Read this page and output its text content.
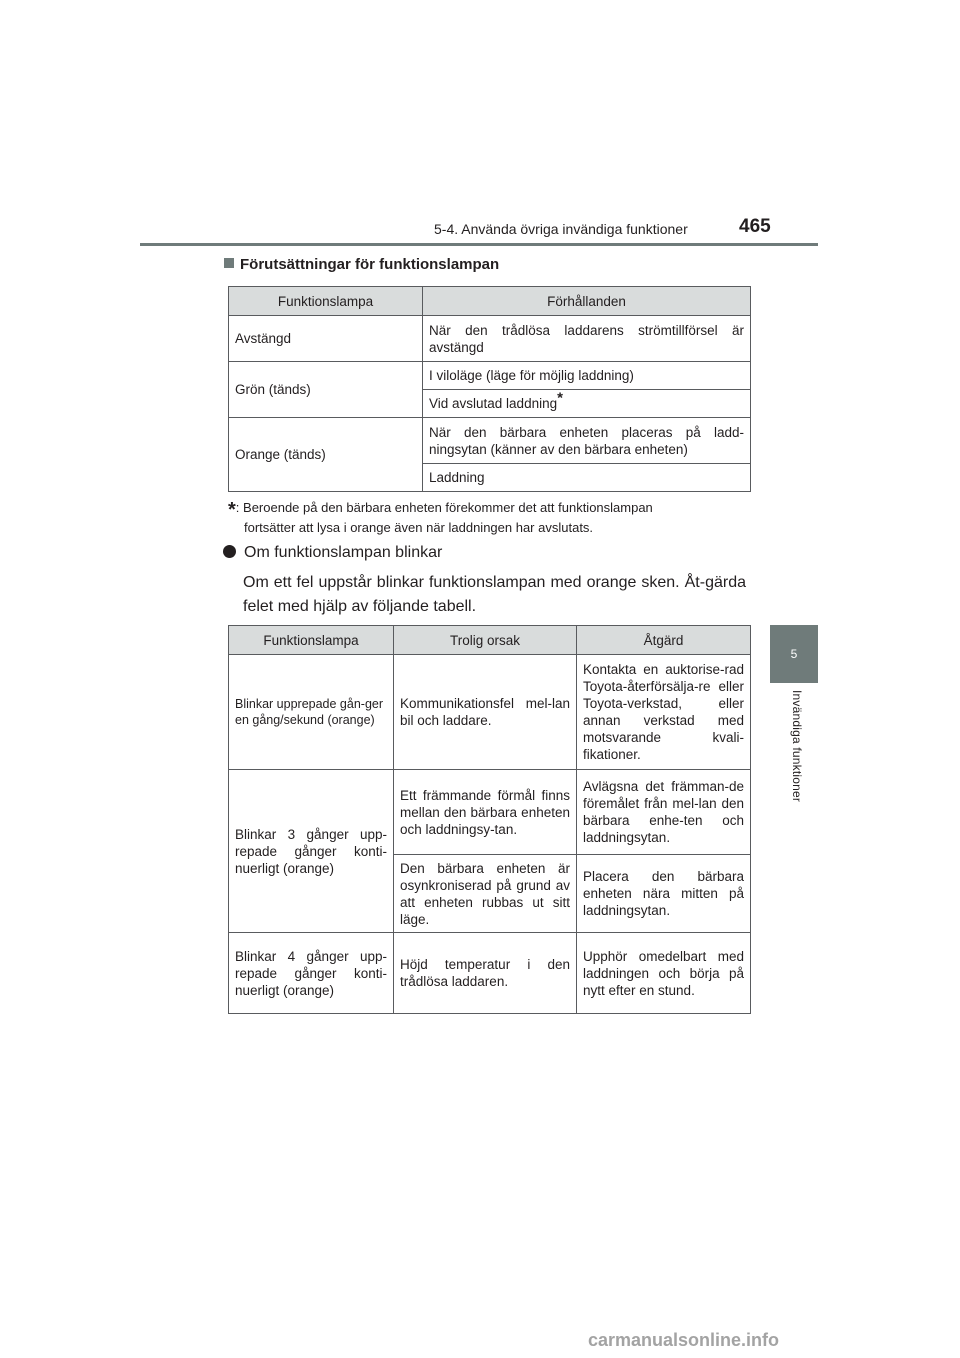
5-4. Använda övriga invändiga funktioner	465
5
Invändiga funktioner
Förutsättningar för funktionslampan
Funktionslampa	Förhållanden
Avstängd	När den trådlösa laddarens strömtillförsel är avstängd
Grön (tänds)	I viloläge (läge för möjlig laddning)
	Vid avslutad laddning*
Orange (tänds)	När den bärbara enheten placeras på ladd-ningsytan (känner av den bärbara enheten)
	Laddning
*: Beroende på den bärbara enheten förekommer det att funktionslampan
fortsätter att lysa i orange även när laddningen har avslutats.
Om funktionslampan blinkar
Om ett fel uppstår blinkar funktionslampan med orange sken. Åt-gärda felet med hjälp av följande tabell.
Funktionslampa	Trolig orsak	Åtgärd
Blinkar upprepade gån-ger en gång/sekund (orange)	Kommunikationsfel mel-lan bil och laddare.	Kontakta en auktorise-rad Toyota-återförsälja-re eller Toyota-verkstad, eller annan verkstad med motsvarande kvali-fikationer.
Blinkar 3 gånger upp-repade gånger konti-nuerligt (orange)	Ett främmande förmål finns mellan den bärbara enheten och laddningsy-tan.	Avlägsna det främman-de föremålet från mel-lan den bärbara enhe-ten och laddningsytan.
	Den bärbara enheten är osynkroniserad på grund av att enheten rubbas ut sitt läge.	Placera den bärbara enheten nära mitten på laddningsytan.
Blinkar 4 gånger upp-repade gånger konti-nuerligt (orange)	Höjd temperatur i den trådlösa laddaren.	Upphör omedelbart med laddningen och börja på nytt efter en stund.
carmanualsonline.info
